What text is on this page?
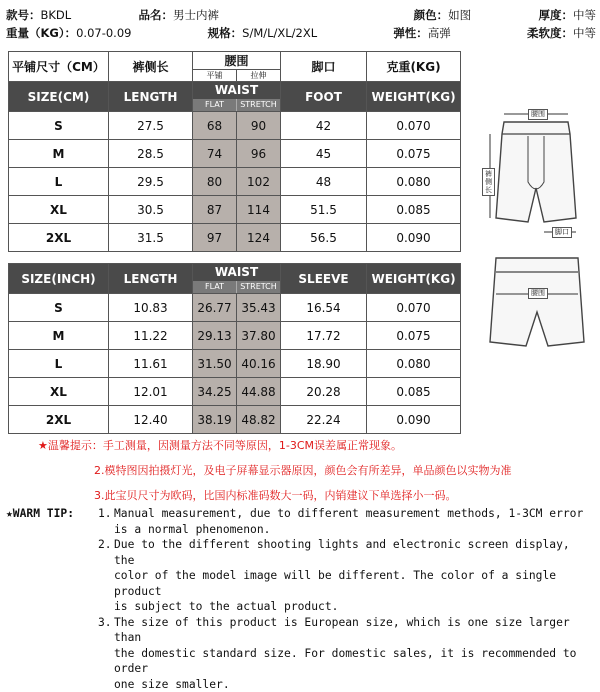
款号：BKDL	品名：男士内裤	颜色：如图	厚度：中等
重量（KG）：0.07-0.09	规格：S/M/L/XL/2XL	弹性：高弹	柔软度：中等
平铺尺寸（CM）	裤侧长	腰围
平铺 拉伸		脚口	克重(KG)
SIZE(CM)	LENGTH	WAIST
FLAT STRETCH		FOOT	WEIGHT(KG)
S	27.5	68	90	42	0.070
M	28.5	74	96	45	0.075
L	29.5	80	102	48	0.080
XL	30.5	87	114	51.5	0.085
2XL	31.5	97	124	56.5	0.090
SIZE(INCH)	LENGTH	WAIST
FLAT STRETCH		SLEEVE	WEIGHT(KG)
S	10.83	26.77	35.43	16.54	0.070
M	11.22	29.13	37.80	17.72	0.075
L	11.61	31.50	40.16	18.90	0.080
XL	12.01	34.25	44.88	20.28	0.085
2XL	12.40	38.19	48.82	22.24	0.090
腰围
裤侧长
脚口
腰围
★温馨提示：手工测量，因测量方法不同等原因，1-3CM误差属正常现象。
2.模特图因拍摄灯光，及电子屏幕显示器原因，颜色会有所差异，单品颜色以实物为准
3.此宝贝尺寸为欧码，比国内标准码数大一码，内销建议下单选择小一码。
★WARM TIP:	1. Manual measurement, due to different measurement methods, 1-3CM error
is a normal phenomenon.
2. Due to the different shooting lights and electronic screen display, the
color of the model image will be different. The color of a single product
is subject to the actual product.
3. The size of this product is European size, which is one size larger than
the domestic standard size. For domestic sales, it is recommended to order
one size smaller.
